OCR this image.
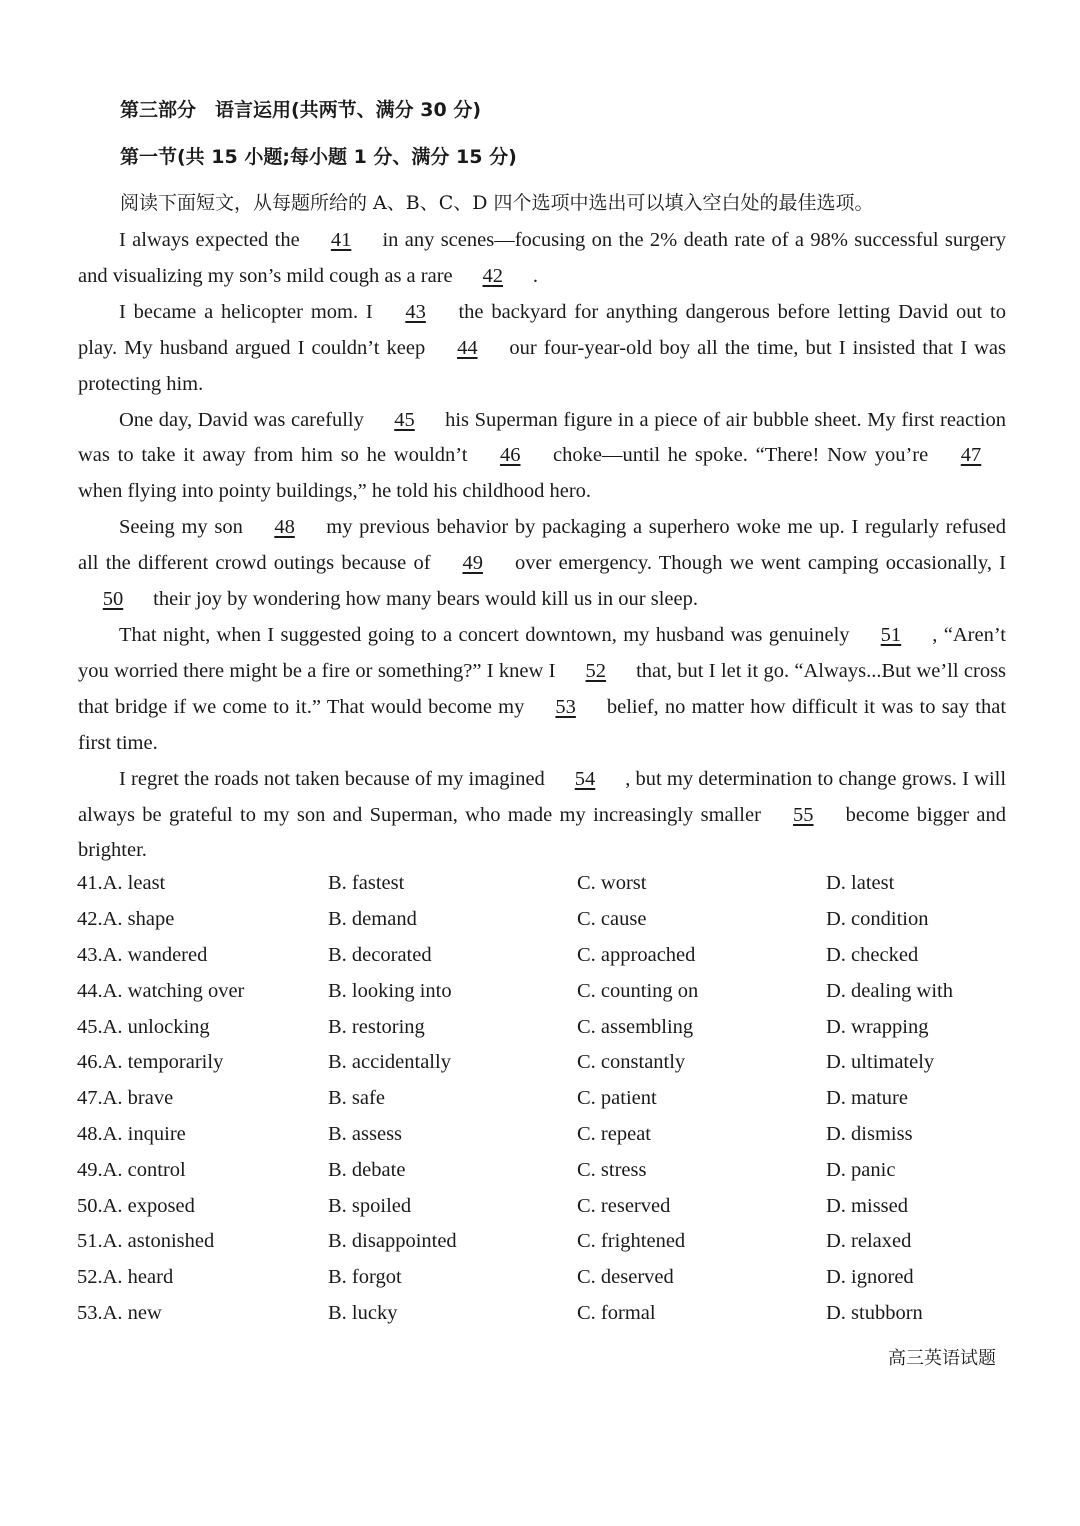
第三部分　语言运用(共两节、满分 30 分)
第一节(共 15 小题;每小题 1 分、满分 15 分)
阅读下面短文，从每题所给的 A、B、C、D 四个选项中选出可以填入空白处的最佳选项。

I always expected the 41 in any scenes—focusing on the 2% death rate of a 98% successful surgery and visualizing my son’s mild cough as a rare 42 .

I became a helicopter mom. I 43 the backyard for anything dangerous before letting David out to play. My husband argued I couldn’t keep 44 our four-year-old boy all the time, but I insisted that I was protecting him.

One day, David was carefully 45 his Superman figure in a piece of air bubble sheet. My first reaction was to take it away from him so he wouldn’t 46 choke—until he spoke. “There! Now you’re 47 when flying into pointy buildings,” he told his childhood hero.

Seeing my son 48 my previous behavior by packaging a superhero woke me up. I regularly refused all the different crowd outings because of 49 over emergency. Though we went camping occasionally, I 50 their joy by wondering how many bears would kill us in our sleep.

That night, when I suggested going to a concert downtown, my husband was genuinely 51 , “Aren’t you worried there might be a fire or something?” I knew I 52 that, but I let it go. “Always...But we’ll cross that bridge if we come to it.” That would become my 53 belief, no matter how difficult it was to say that first time.

I regret the roads not taken because of my imagined 54 , but my determination to change grows. I will always be grateful to my son and Superman, who made my increasingly smaller 55 become bigger and brighter.

41.A. least	B. fastest	C. worst	D. latest
42.A. shape	B. demand	C. cause	D. condition
43.A. wandered	B. decorated	C. approached	D. checked
44.A. watching over	B. looking into	C. counting on	D. dealing with
45.A. unlocking	B. restoring	C. assembling	D. wrapping
46.A. temporarily	B. accidentally	C. constantly	D. ultimately
47.A. brave	B. safe	C. patient	D. mature
48.A. inquire	B. assess	C. repeat	D. dismiss
49.A. control	B. debate	C. stress	D. panic
50.A. exposed	B. spoiled	C. reserved	D. missed
51.A. astonished	B. disappointed	C. frightened	D. relaxed
52.A. heard	B. forgot	C. deserved	D. ignored
53.A. new	B. lucky	C. formal	D. stubborn
高三英语试题
